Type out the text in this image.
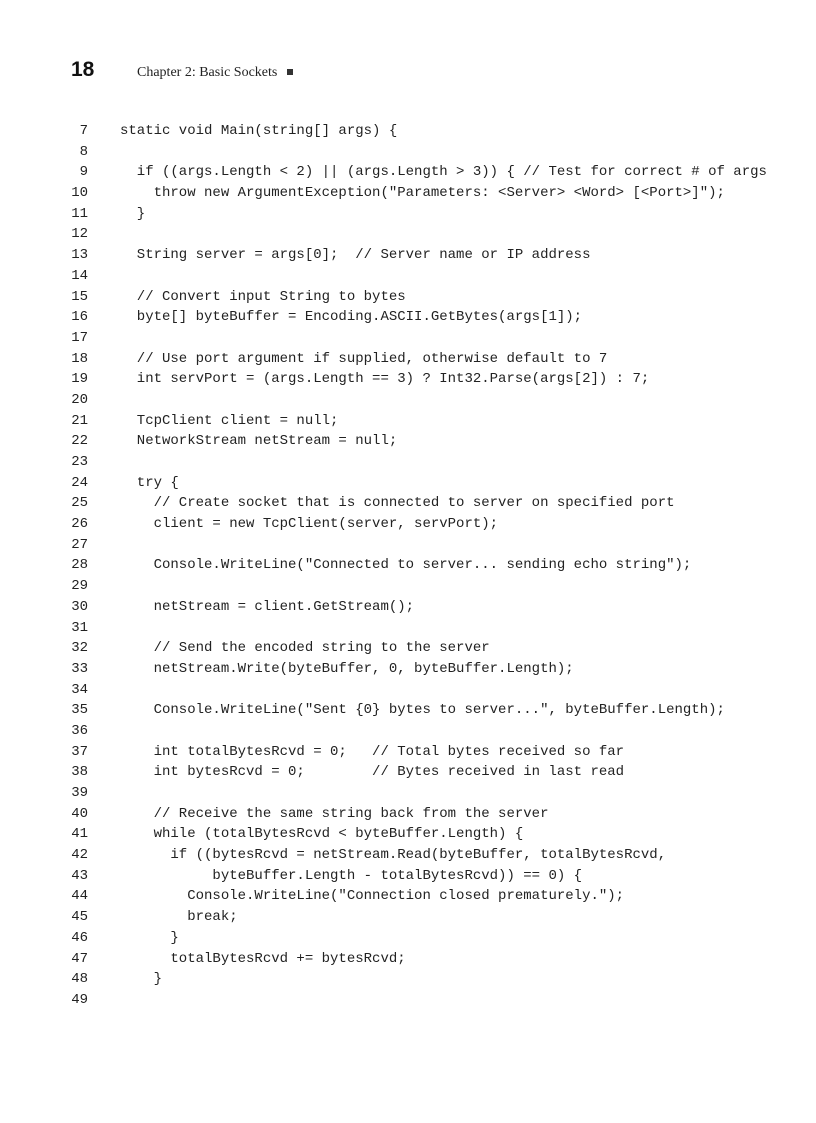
18	Chapter 2: Basic Sockets
7 static void Main(string[] args) {
8
9 if ((args.Length < 2) || (args.Length > 3)) { // Test for correct # of args
10 throw new ArgumentException("Parameters: <Server> <Word> [<Port>]");
11 }
12
13 String server = args[0];  // Server name or IP address
14
15 // Convert input String to bytes
16 byte[] byteBuffer = Encoding.ASCII.GetBytes(args[1]);
17
18 // Use port argument if supplied, otherwise default to 7
19 int servPort = (args.Length == 3) ? Int32.Parse(args[2]) : 7;
20
21 TcpClient client = null;
22 NetworkStream netStream = null;
23
24 try {
25 // Create socket that is connected to server on specified port
26 client = new TcpClient(server, servPort);
27
28 Console.WriteLine("Connected to server... sending echo string");
29
30 netStream = client.GetStream();
31
32 // Send the encoded string to the server
33 netStream.Write(byteBuffer, 0, byteBuffer.Length);
34
35 Console.WriteLine("Sent {0} bytes to server...", byteBuffer.Length);
36
37 int totalBytesRcvd = 0;   // Total bytes received so far
38 int bytesRcvd = 0;        // Bytes received in last read
39
40 // Receive the same string back from the server
41 while (totalBytesRcvd < byteBuffer.Length) {
42 if ((bytesRcvd = netStream.Read(byteBuffer, totalBytesRcvd,
43 byteBuffer.Length - totalBytesRcvd)) == 0) {
44 Console.WriteLine("Connection closed prematurely.");
45 break;
46 }
47 totalBytesRcvd += bytesRcvd;
48 }
49
